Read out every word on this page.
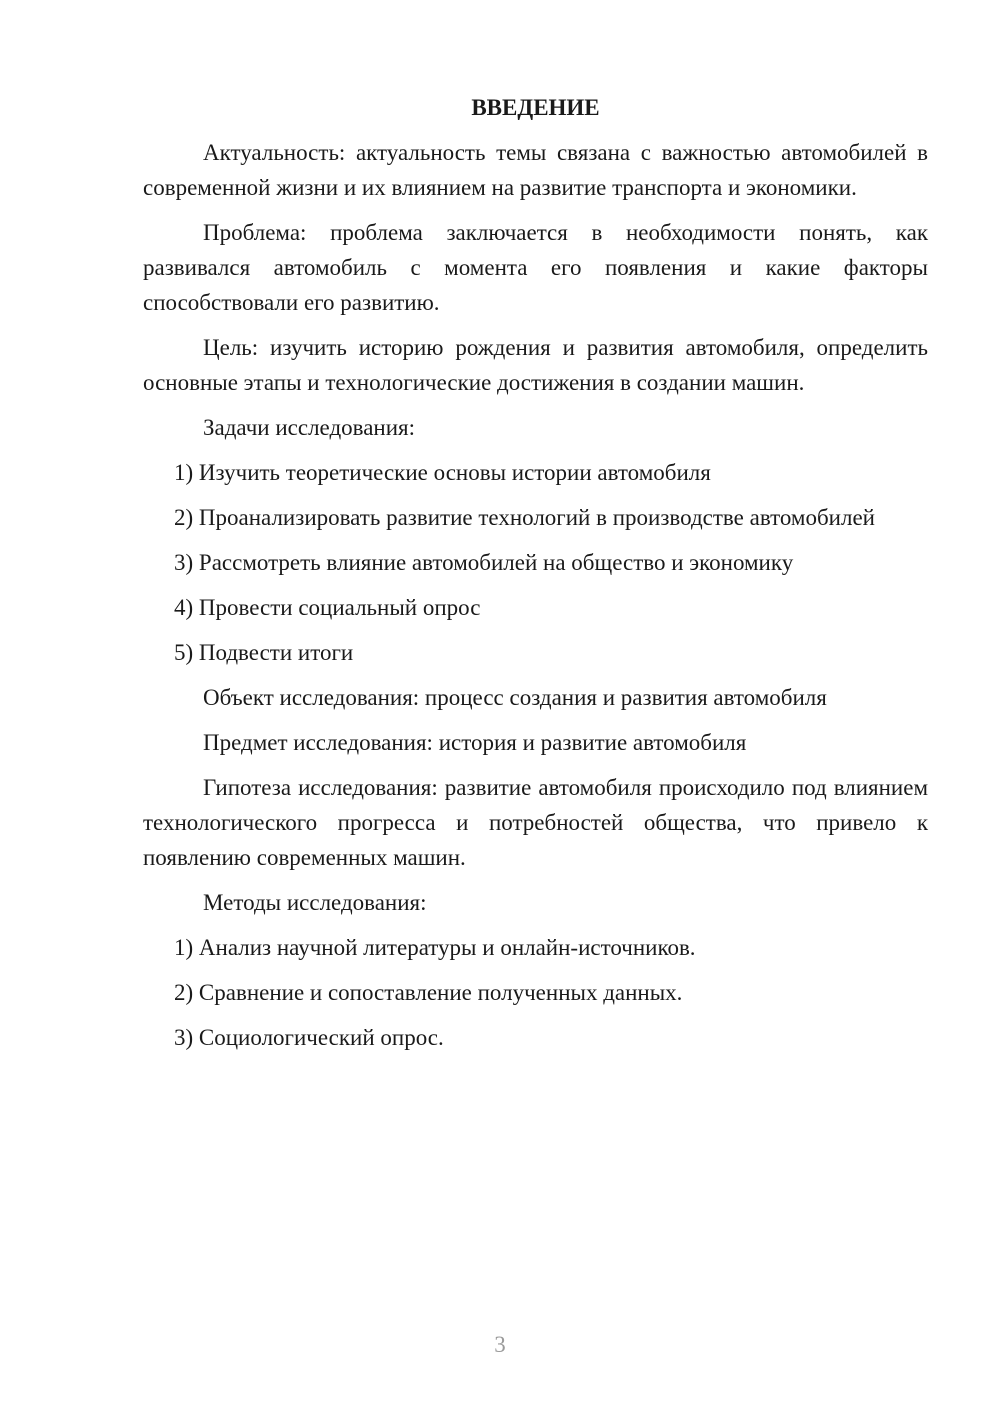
ВВЕДЕНИЕ

Актуальность: актуальность темы связана с важностью автомобилей в современной жизни и их влиянием на развитие транспорта и экономики.

Проблема: проблема заключается в необходимости понять, как развивался автомобиль с момента его появления и какие факторы способствовали его развитию.

Цель: изучить историю рождения и развития автомобиля, определить основные этапы и технологические достижения в создании машин.

Задачи исследования:

1) Изучить теоретические основы истории автомобиля

2) Проанализировать развитие технологий в производстве автомобилей

3) Рассмотреть влияние автомобилей на общество и экономику

4) Провести социальный опрос

5) Подвести итоги

Объект исследования: процесс создания и развития автомобиля

Предмет исследования: история и развитие автомобиля

Гипотеза исследования: развитие автомобиля происходило под влиянием технологического прогресса и потребностей общества, что привело к появлению современных машин.

Методы исследования:

1) Анализ научной литературы и онлайн-источников.

2) Сравнение и сопоставление полученных данных.

3) Социологический опрос.

3
